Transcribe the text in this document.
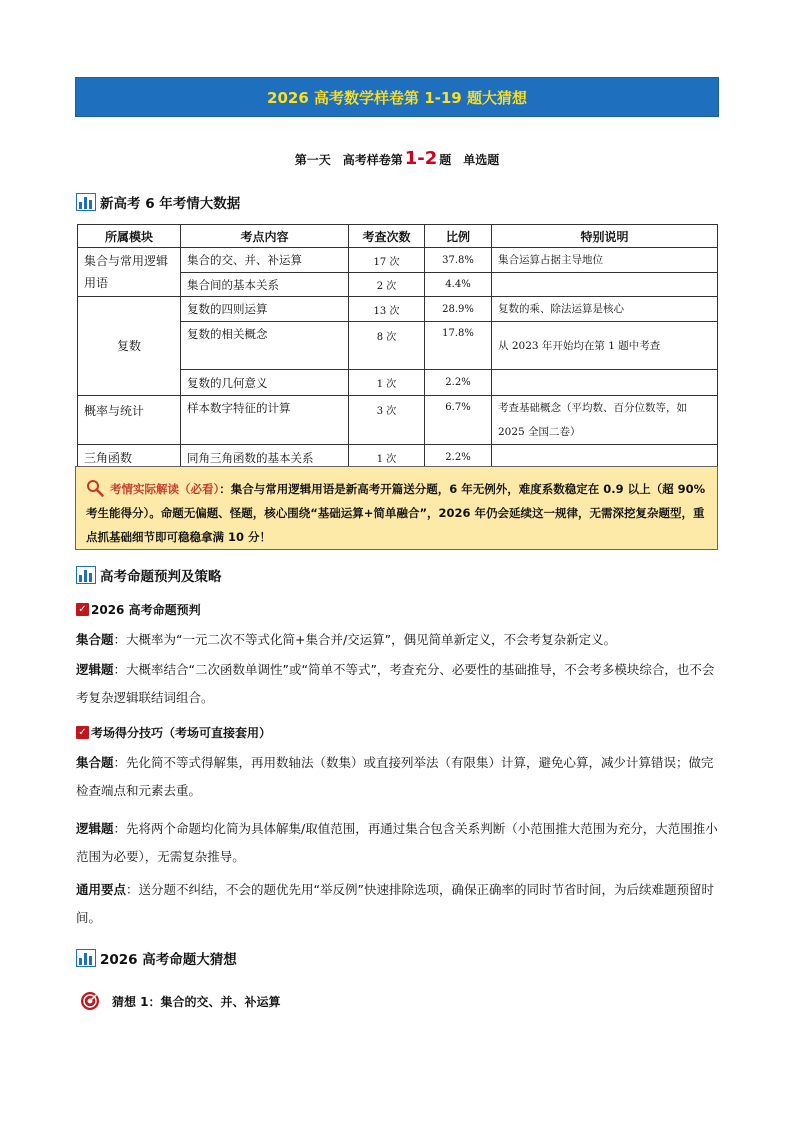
2026 高考数学样卷第 1-19 题大猜想
第一天　高考样卷第 1-2 题　单选题
新高考 6 年考情大数据
所属模块	考点内容	考查次数	比例	特别说明
集合与常用逻辑用语	集合的交、并、补运算	17 次	37.8%	集合运算占据主导地位
	集合间的基本关系	2 次	4.4%	
复数	复数的四则运算	13 次	28.9%	复数的乘、除法运算是核心
	复数的相关概念	8 次	17.8%	从 2023 年开始均在第 1 题中考查
	复数的几何意义	1 次	2.2%	
概率与统计	样本数字特征的计算	3 次	6.7%	考查基础概念（平均数、百分位数等，如 2025 全国二卷）
三角函数	同角三角函数的基本关系	1 次	2.2%	
考情实际解读（必看）：集合与常用逻辑用语是新高考开篇送分题，6 年无例外，难度系数稳定在 0.9 以上（超 90%考生能得分）。命题无偏题、怪题，核心围绕“基础运算+简单融合”，2026 年仍会延续这一规律，无需深挖复杂题型，重点抓基础细节即可稳稳拿满 10 分！
高考命题预判及策略
✓ 2026 高考命题预判
集合题：大概率为“一元二次不等式化简+集合并/交运算”，偶见简单新定义，不会考复杂新定义。
逻辑题：大概率结合“二次函数单调性”或“简单不等式”，考查充分、必要性的基础推导，不会考多模块综合，也不会考复杂逻辑联结词组合。
✓ 考场得分技巧（考场可直接套用）
集合题：先化简不等式得解集，再用数轴法（数集）或直接列举法（有限集）计算，避免心算，减少计算错误；做完检查端点和元素去重。
逻辑题：先将两个命题均化简为具体解集/取值范围，再通过集合包含关系判断（小范围推大范围为充分，大范围推小范围为必要），无需复杂推导。
通用要点：送分题不纠结，不会的题优先用“举反例”快速排除选项，确保正确率的同时节省时间，为后续难题预留时间。
2026 高考命题大猜想
猜想 1：集合的交、并、补运算
